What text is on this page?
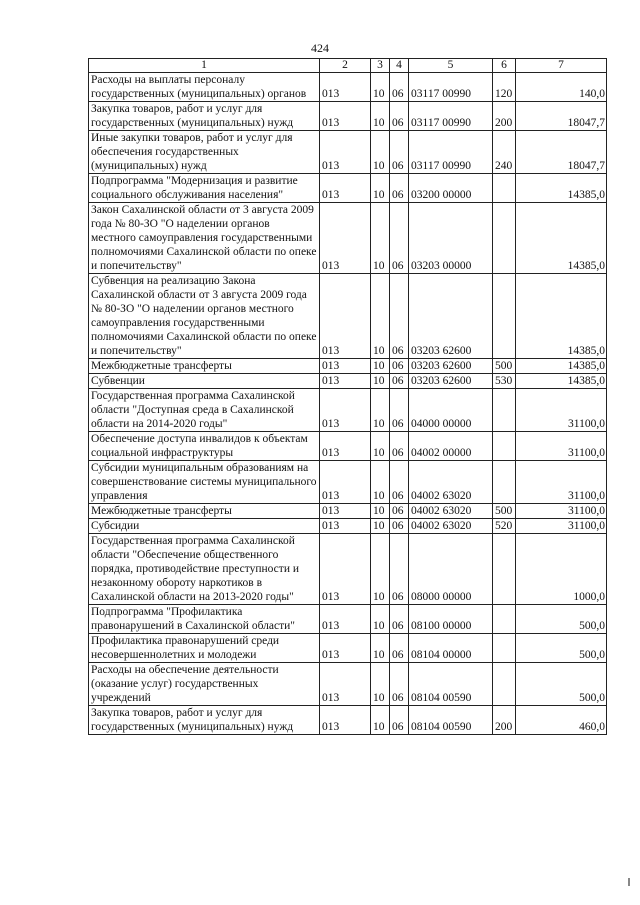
424
1	2	3	4	5	6	7
Расходы на выплаты персоналу государственных (муниципальных) органов	013	10	06	03117 00990	120	140,0
Закупка товаров, работ и услуг для государственных (муниципальных) нужд	013	10	06	03117 00990	200	18047,7
Иные закупки товаров, работ и услуг для обеспечения государственных (муниципальных) нужд	013	10	06	03117 00990	240	18047,7
Подпрограмма "Модернизация и развитие социального обслуживания населения"	013	10	06	03200 00000		14385,0
Закон Сахалинской области от 3 августа 2009 года № 80-ЗО "О наделении органов местного самоуправления государственными полномочиями Сахалинской области по опеке и попечительству"	013	10	06	03203 00000		14385,0
Субвенция на реализацию Закона Сахалинской области от 3 августа 2009 года № 80-ЗО "О наделении органов местного самоуправления государственными полномочиями Сахалинской области по опеке и попечительству"	013	10	06	03203 62600		14385,0
Межбюджетные трансферты	013	10	06	03203 62600	500	14385,0
Субвенции	013	10	06	03203 62600	530	14385,0
Государственная программа Сахалинской области "Доступная среда в Сахалинской области на 2014-2020 годы"	013	10	06	04000 00000		31100,0
Обеспечение доступа инвалидов к объектам социальной инфраструктуры	013	10	06	04002 00000		31100,0
Субсидии муниципальным образованиям на совершенствование системы муниципального управления	013	10	06	04002 63020		31100,0
Межбюджетные трансферты	013	10	06	04002 63020	500	31100,0
Субсидии	013	10	06	04002 63020	520	31100,0
Государственная программа Сахалинской области "Обеспечение общественного порядка, противодействие преступности и незаконному обороту наркотиков в Сахалинской области на 2013-2020 годы"	013	10	06	08000 00000		1000,0
Подпрограмма "Профилактика правонарушений в Сахалинской области"	013	10	06	08100 00000		500,0
Профилактика правонарушений среди несовершеннолетних и молодежи	013	10	06	08104 00000		500,0
Расходы на обеспечение деятельности (оказание услуг) государственных учреждений	013	10	06	08104 00590		500,0
Закупка товаров, работ и услуг для государственных (муниципальных) нужд	013	10	06	08104 00590	200	460,0
